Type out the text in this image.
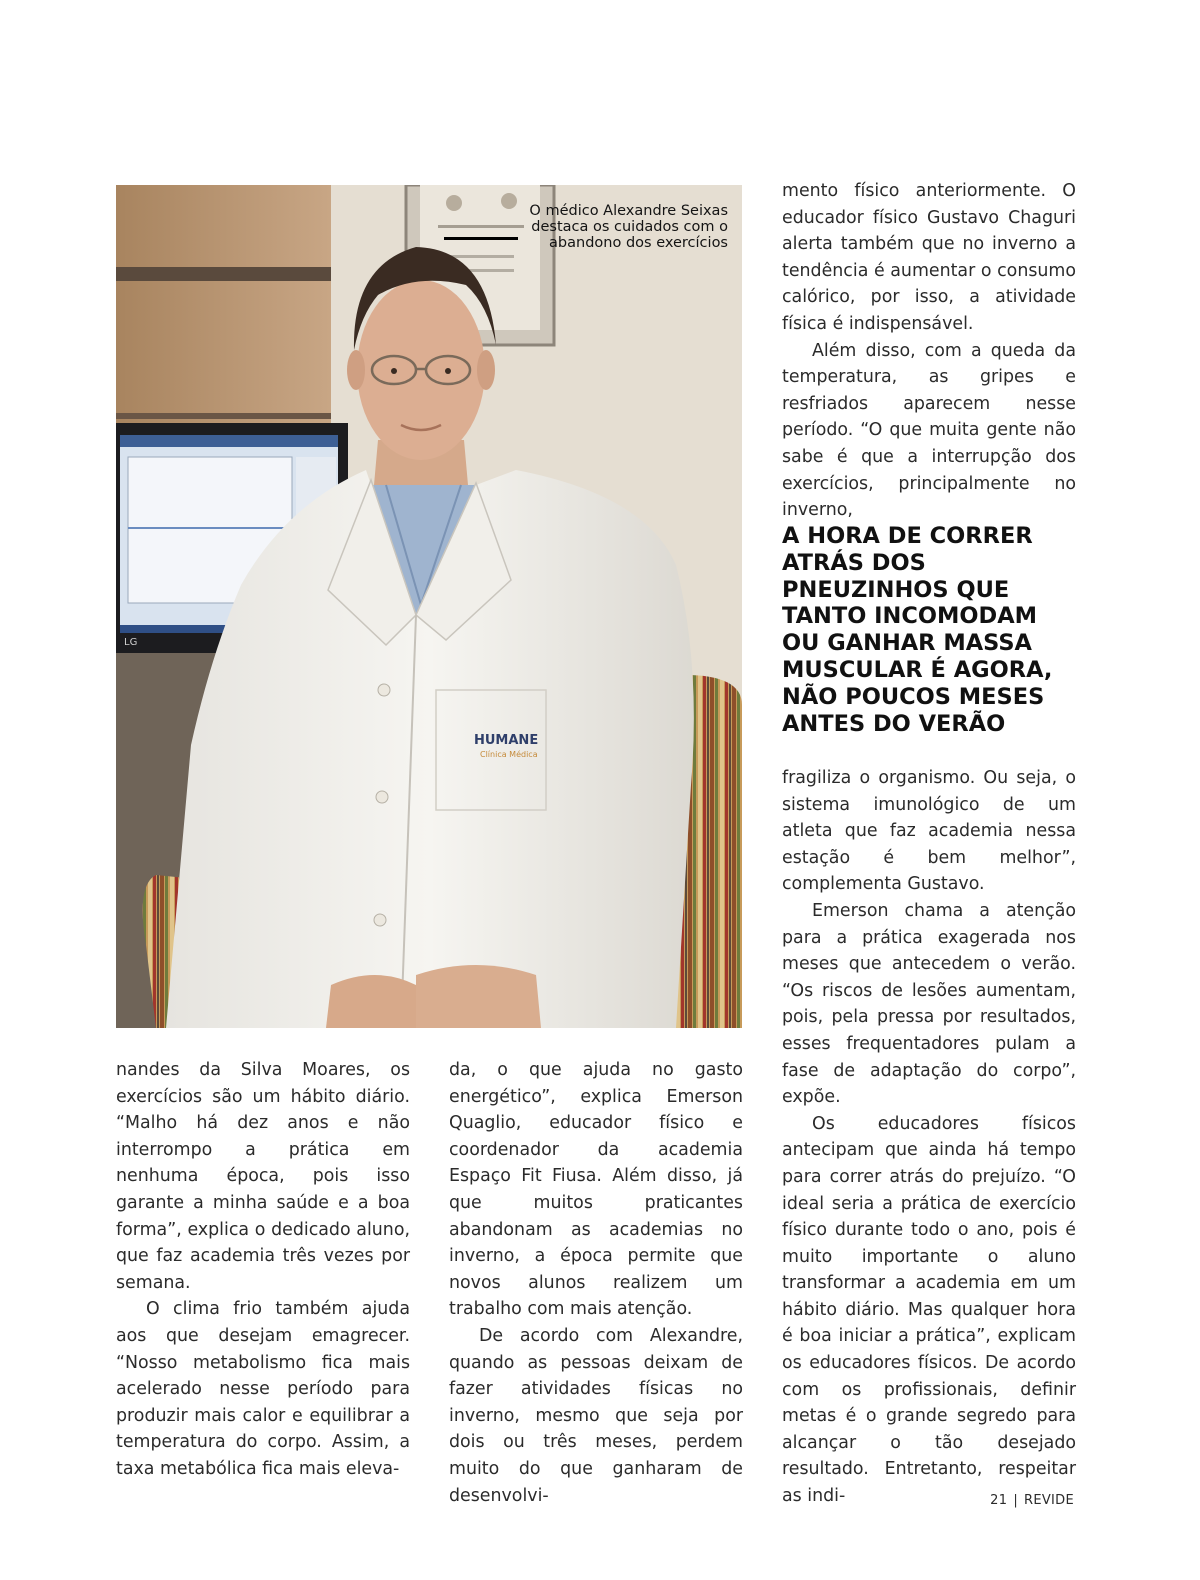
HUMANE
Clínica Médica
LG
O médico Alexandre Seixas destaca os cuidados com o abandono dos exercícios

nandes da Silva Moares, os exercícios são um hábito diário. “Malho há dez anos e não interrompo a prática em nenhuma época, pois isso garante a minha saúde e a boa forma”, explica o dedicado aluno, que faz academia três vezes por semana.

O clima frio também ajuda aos que desejam emagrecer. “Nosso metabolismo fica mais acelerado nesse período para produzir mais calor e equilibrar a temperatura do corpo. Assim, a taxa metabólica fica mais eleva-

da, o que ajuda no gasto energético”, explica Emerson Quaglio, educador físico e coordenador da academia Espaço Fit Fiusa. Além disso, já que muitos praticantes abandonam as academias no inverno, a época permite que novos alunos realizem um trabalho com mais atenção.

De acordo com Alexandre, quando as pessoas deixam de fazer atividades físicas no inverno, mesmo que seja por dois ou três meses, perdem muito do que ganharam de desenvolvi-

mento físico anteriormente. O educador físico Gustavo Chaguri alerta também que no inverno a tendência é aumentar o consumo calórico, por isso, a atividade física é indispensável.

Além disso, com a queda da temperatura, as gripes e resfriados aparecem nesse período. “O que muita gente não sabe é que a interrupção dos exercícios, principalmente no inverno,

A HORA DE CORRER ATRÁS DOS PNEUZINHOS QUE TANTO INCOMODAM OU GANHAR MASSA MUSCULAR É AGORA, NÃO POUCOS MESES ANTES DO VERÃO

fragiliza o organismo. Ou seja, o sistema imunológico de um atleta que faz academia nessa estação é bem melhor”, complementa Gustavo.

Emerson chama a atenção para a prática exagerada nos meses que antecedem o verão. “Os riscos de lesões aumentam, pois, pela pressa por resultados, esses frequentadores pulam a fase de adaptação do corpo”, expõe.

Os educadores físicos antecipam que ainda há tempo para correr atrás do prejuízo. “O ideal seria a prática de exercício físico durante todo o ano, pois é muito importante o aluno transformar a academia em um hábito diário. Mas qualquer hora é boa iniciar a prática”, explicam os educadores físicos. De acordo com os profissionais, definir metas é o grande segredo para alcançar o tão desejado resultado. Entretanto, respeitar as indi-	21 | REVIDE
